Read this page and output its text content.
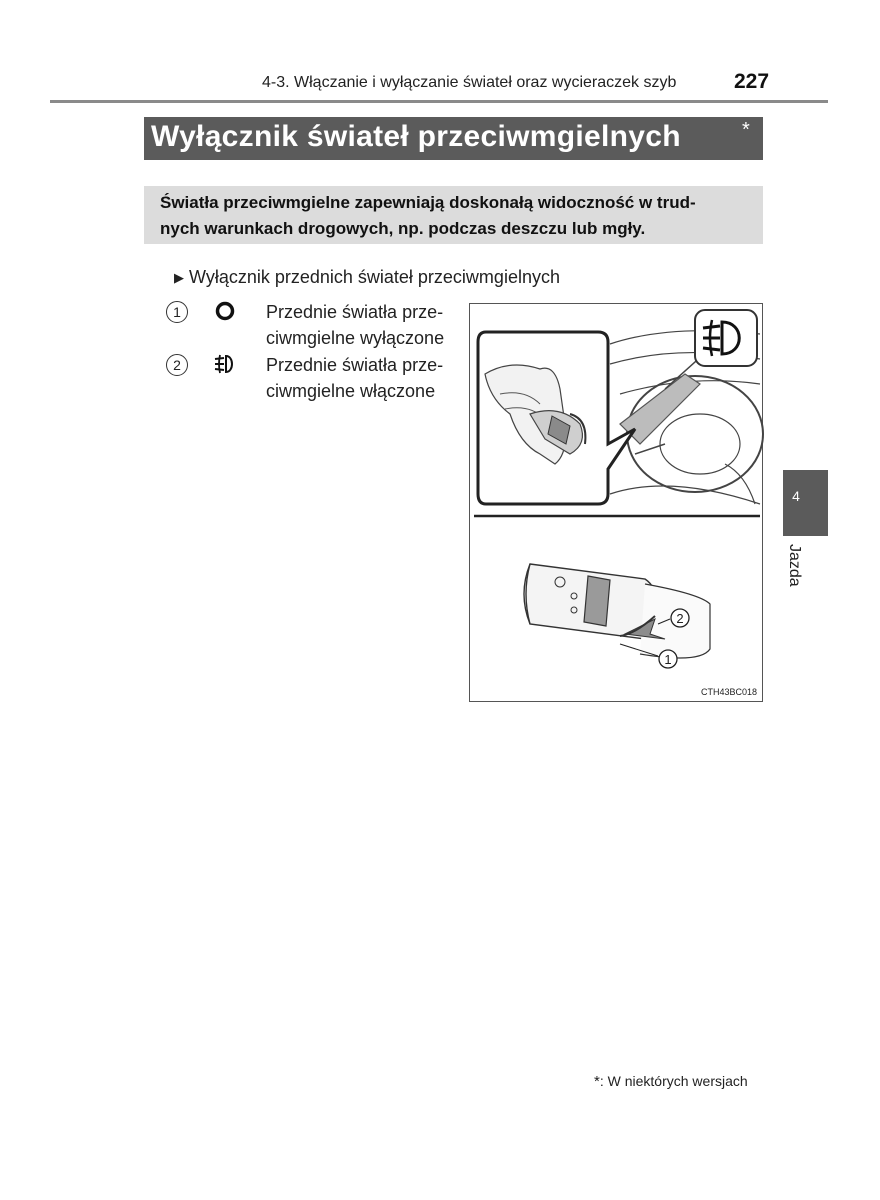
4-3. Włączanie i wyłączanie świateł oraz wycieraczek szyb	227
Wyłącznik świateł przeciwmgielnych	*
Światła przeciwmgielne zapewniają doskonałą widoczność w trud-
nych warunkach drogowych, np. podczas deszczu lub mgły.
▶ Wyłącznik przednich świateł przeciwmgielnych
1	Przednie światła prze-
ciwmgielne wyłączone
2	Przednie światła prze-
ciwmgielne włączone
2
1
CTH43BC018
4
Jazda
*: W niektórych wersjach
